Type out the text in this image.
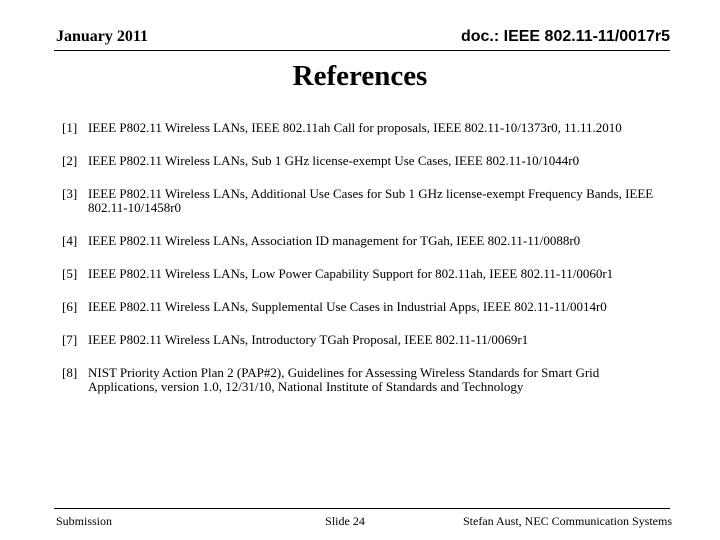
January 2011	doc.: IEEE 802.11-11/0017r5
References
[1] IEEE P802.11 Wireless LANs, IEEE 802.11ah Call for proposals, IEEE 802.11-10/1373r0, 11.11.2010
[2] IEEE P802.11 Wireless LANs, Sub 1 GHz license-exempt Use Cases, IEEE 802.11-10/1044r0
[3] IEEE P802.11 Wireless LANs, Additional Use Cases for Sub 1 GHz license-exempt Frequency Bands, IEEE 802.11-10/1458r0
[4] IEEE P802.11 Wireless LANs, Association ID management for TGah, IEEE 802.11-11/0088r0
[5] IEEE P802.11 Wireless LANs, Low Power Capability Support for 802.11ah, IEEE 802.11-11/0060r1
[6] IEEE P802.11 Wireless LANs, Supplemental Use Cases in Industrial Apps, IEEE 802.11-11/0014r0
[7] IEEE P802.11 Wireless LANs, Introductory TGah Proposal, IEEE 802.11-11/0069r1
[8] NIST Priority Action Plan 2 (PAP#2), Guidelines for Assessing Wireless Standards for Smart Grid Applications, version 1.0, 12/31/10, National Institute of Standards and Technology
Submission	Slide 24	Stefan Aust, NEC Communication Systems
